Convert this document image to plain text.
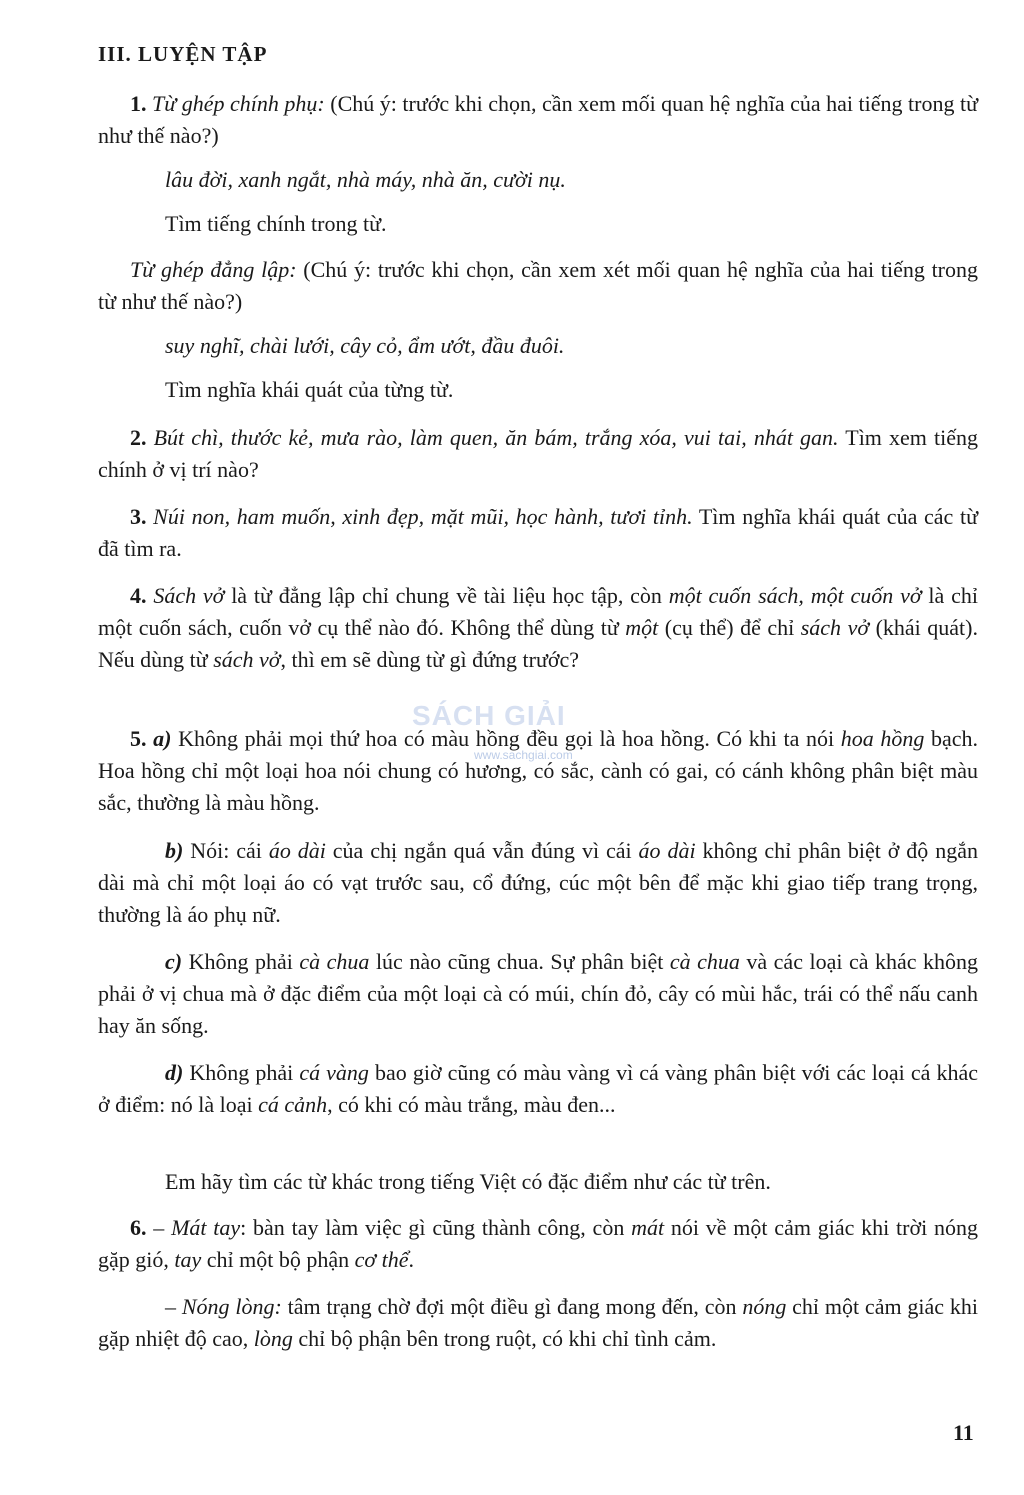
III. LUYỆN TẬP
1. Từ ghép chính phụ: (Chú ý: trước khi chọn, cần xem mối quan hệ nghĩa của hai tiếng trong từ như thế nào?)
lâu đời, xanh ngắt, nhà máy, nhà ăn, cười nụ.
Tìm tiếng chính trong từ.
Từ ghép đẳng lập: (Chú ý: trước khi chọn, cần xem xét mối quan hệ nghĩa của hai tiếng trong từ như thế nào?)
suy nghĩ, chài lưới, cây cỏ, ẩm ướt, đầu đuôi.
Tìm nghĩa khái quát của từng từ.
2. Bút chì, thước kẻ, mưa rào, làm quen, ăn bám, trắng xóa, vui tai, nhát gan. Tìm xem tiếng chính ở vị trí nào?
3. Núi non, ham muốn, xinh đẹp, mặt mũi, học hành, tươi tỉnh. Tìm nghĩa khái quát của các từ đã tìm ra.
4. Sách vở là từ đẳng lập chỉ chung về tài liệu học tập, còn một cuốn sách, một cuốn vở là chỉ một cuốn sách, cuốn vở cụ thể nào đó. Không thể dùng từ một (cụ thể) để chỉ sách vở (khái quát). Nếu dùng từ sách vở, thì em sẽ dùng từ gì đứng trước?
5. a) Không phải mọi thứ hoa có màu hồng đều gọi là hoa hồng. Có khi ta nói hoa hồng bạch. Hoa hồng chỉ một loại hoa nói chung có hương, có sắc, cành có gai, có cánh không phân biệt màu sắc, thường là màu hồng.
b) Nói: cái áo dài của chị ngắn quá vẫn đúng vì cái áo dài không chỉ phân biệt ở độ ngắn dài mà chỉ một loại áo có vạt trước sau, cổ đứng, cúc một bên để mặc khi giao tiếp trang trọng, thường là áo phụ nữ.
c) Không phải cà chua lúc nào cũng chua. Sự phân biệt cà chua và các loại cà khác không phải ở vị chua mà ở đặc điểm của một loại cà có múi, chín đỏ, cây có mùi hắc, trái có thể nấu canh hay ăn sống.
d) Không phải cá vàng bao giờ cũng có màu vàng vì cá vàng phân biệt với các loại cá khác ở điểm: nó là loại cá cảnh, có khi có màu trắng, màu đen...
Em hãy tìm các từ khác trong tiếng Việt có đặc điểm như các từ trên.
6. – Mát tay: bàn tay làm việc gì cũng thành công, còn mát nói về một cảm giác khi trời nóng gặp gió, tay chỉ một bộ phận cơ thể.
– Nóng lòng: tâm trạng chờ đợi một điều gì đang mong đến, còn nóng chỉ một cảm giác khi gặp nhiệt độ cao, lòng chỉ bộ phận bên trong ruột, có khi chỉ tình cảm.
SÁCH GIẢI
www.sachgiai.com
11
